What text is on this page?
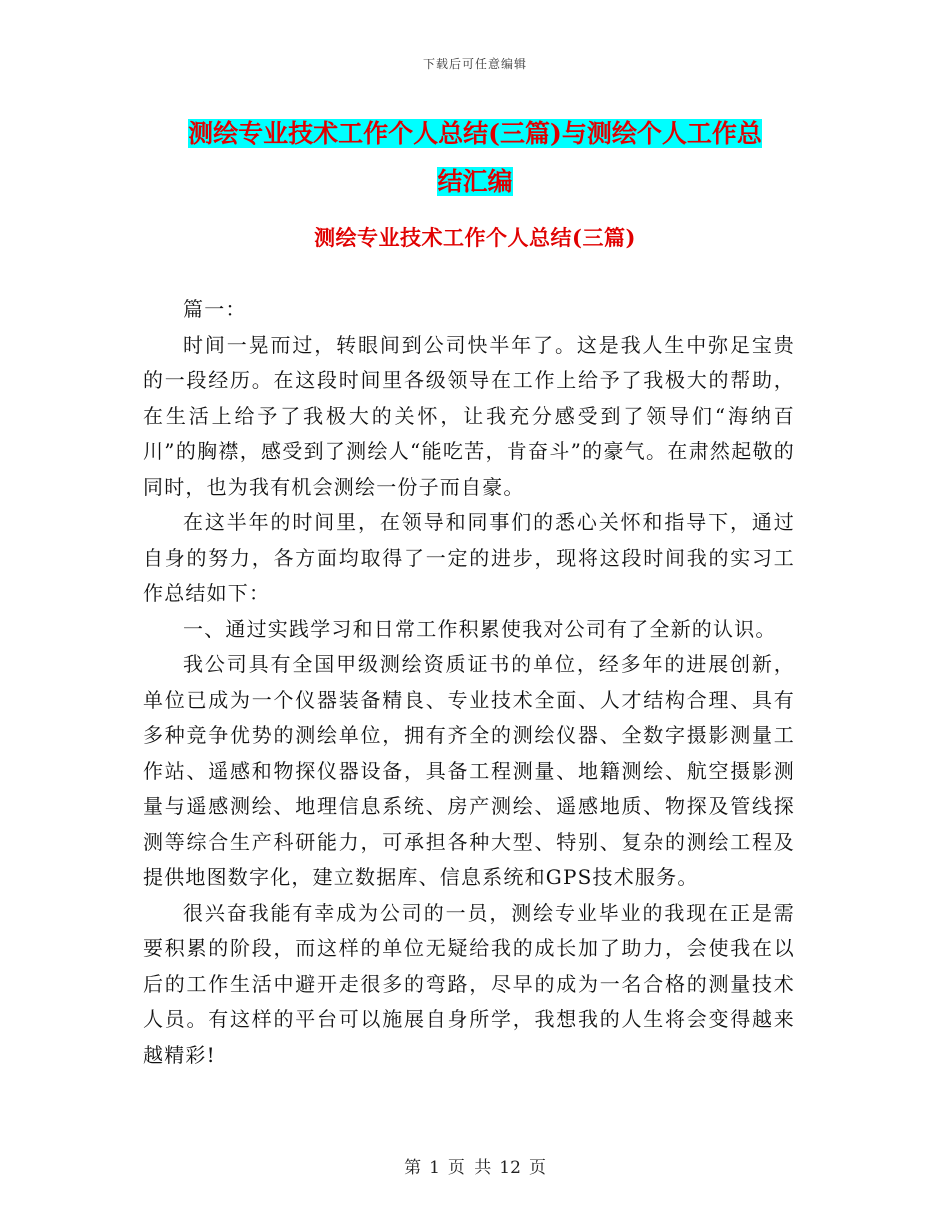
下载后可任意编辑
测绘专业技术工作个人总结(三篇)与测绘个人工作总
结汇编
测绘专业技术工作个人总结(三篇)

篇一：

时间一晃而过，转眼间到公司快半年了。这是我人生中弥足宝贵的一段经历。在这段时间里各级领导在工作上给予了我极大的帮助，在生活上给予了我极大的关怀，让我充分感受到了领导们“海纳百川”的胸襟，感受到了测绘人“能吃苦，肯奋斗”的豪气。在肃然起敬的同时，也为我有机会测绘一份子而自豪。

在这半年的时间里，在领导和同事们的悉心关怀和指导下，通过自身的努力，各方面均取得了一定的进步，现将这段时间我的实习工作总结如下：

一、通过实践学习和日常工作积累使我对公司有了全新的认识。

我公司具有全国甲级测绘资质证书的单位，经多年的进展创新，单位已成为一个仪器装备精良、专业技术全面、人才结构合理、具有多种竞争优势的测绘单位，拥有齐全的测绘仪器、全数字摄影测量工作站、遥感和物探仪器设备，具备工程测量、地籍测绘、航空摄影测量与遥感测绘、地理信息系统、房产测绘、遥感地质、物探及管线探测等综合生产科研能力，可承担各种大型、特别、复杂的测绘工程及提供地图数字化，建立数据库、信息系统和GPS技术服务。

很兴奋我能有幸成为公司的一员，测绘专业毕业的我现在正是需要积累的阶段，而这样的单位无疑给我的成长加了助力，会使我在以后的工作生活中避开走很多的弯路，尽早的成为一名合格的测量技术人员。有这样的平台可以施展自身所学，我想我的人生将会变得越来越精彩!

第 1 页 共 12 页
